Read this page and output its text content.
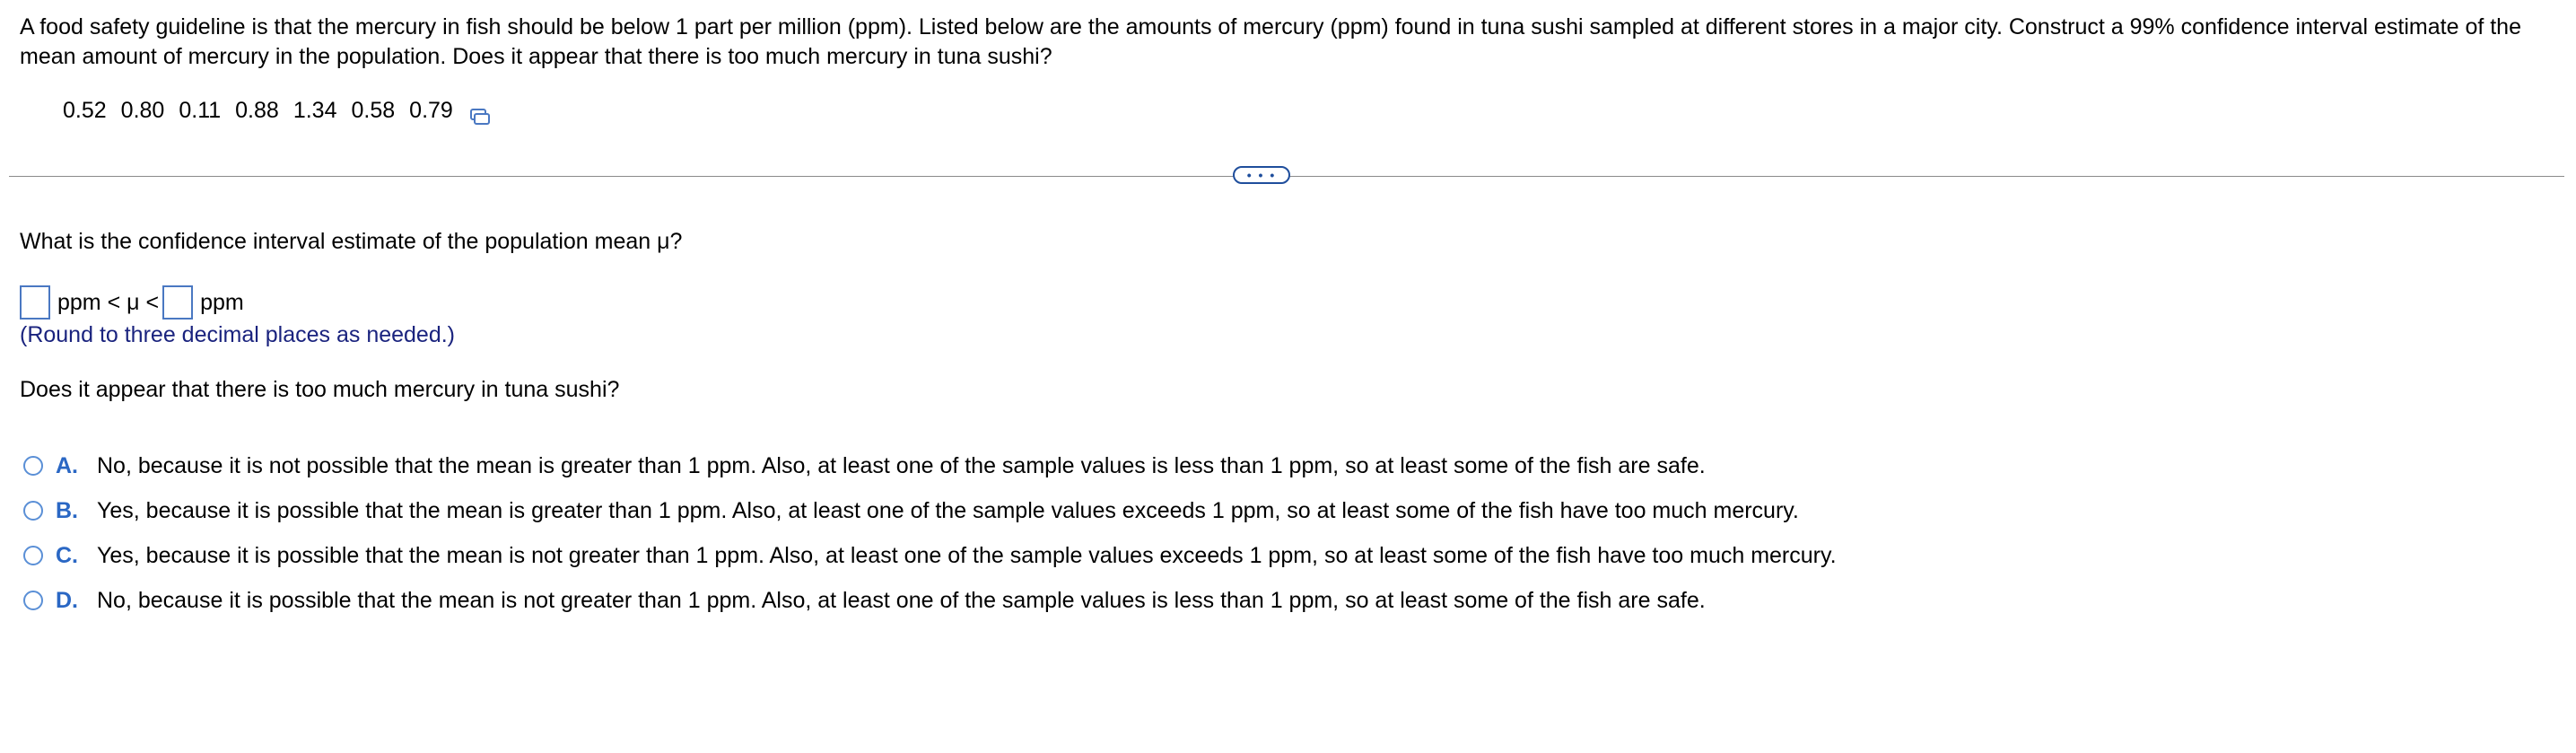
A food safety guideline is that the mercury in fish should be below 1 part per million (ppm). Listed below are the amounts of mercury (ppm) found in tuna sushi sampled at different stores in a major city. Construct a 99% confidence interval estimate of the mean amount of mercury in the population. Does it appear that there is too much mercury in tuna sushi?
0.52 0.80 0.11 0.88 1.34 0.58 0.79
• • •
What is the confidence interval estimate of the population mean μ?
ppm < μ < ppm
(Round to three decimal places as needed.)
Does it appear that there is too much mercury in tuna sushi?
A. No, because it is not possible that the mean is greater than 1 ppm. Also, at least one of the sample values is less than 1 ppm, so at least some of the fish are safe.
B. Yes, because it is possible that the mean is greater than 1 ppm. Also, at least one of the sample values exceeds 1 ppm, so at least some of the fish have too much mercury.
C. Yes, because it is possible that the mean is not greater than 1 ppm. Also, at least one of the sample values exceeds 1 ppm, so at least some of the fish have too much mercury.
D. No, because it is possible that the mean is not greater than 1 ppm. Also, at least one of the sample values is less than 1 ppm, so at least some of the fish are safe.
